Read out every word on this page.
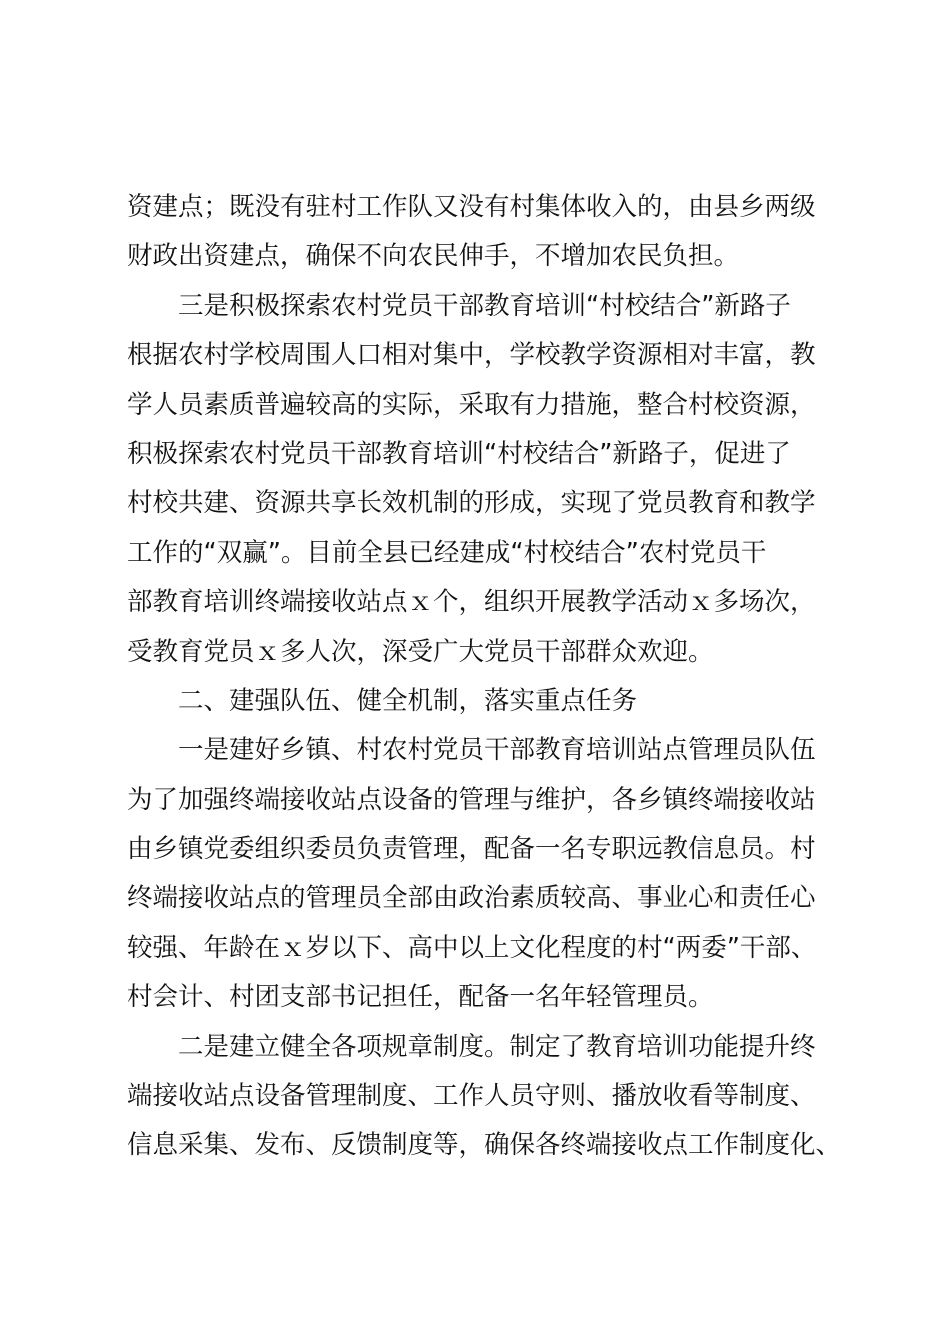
资建点；既没有驻村工作队又没有村集体收入的，由县乡两级
财政出资建点，确保不向农民伸手，不增加农民负担。
三是积极探索农村党员干部教育培训“村校结合”新路子
根据农村学校周围人口相对集中，学校教学资源相对丰富，教
学人员素质普遍较高的实际，采取有力措施，整合村校资源，
积极探索农村党员干部教育培训“村校结合”新路子，促进了
村校共建、资源共享长效机制的形成，实现了党员教育和教学
工作的“双赢”。目前全县已经建成“村校结合”农村党员干
部教育培训终端接收站点ｘ个，组织开展教学活动ｘ多场次，
受教育党员ｘ多人次，深受广大党员干部群众欢迎。
二、建强队伍、健全机制，落实重点任务
一是建好乡镇、村农村党员干部教育培训站点管理员队伍
为了加强终端接收站点设备的管理与维护，各乡镇终端接收站
由乡镇党委组织委员负责管理，配备一名专职远教信息员。村
终端接收站点的管理员全部由政治素质较高、事业心和责任心
较强、年龄在ｘ岁以下、高中以上文化程度的村“两委”干部、
村会计、村团支部书记担任，配备一名年轻管理员。
二是建立健全各项规章制度。制定了教育培训功能提升终
端接收站点设备管理制度、工作人员守则、播放收看等制度、
信息采集、发布、反馈制度等，确保各终端接收点工作制度化、
